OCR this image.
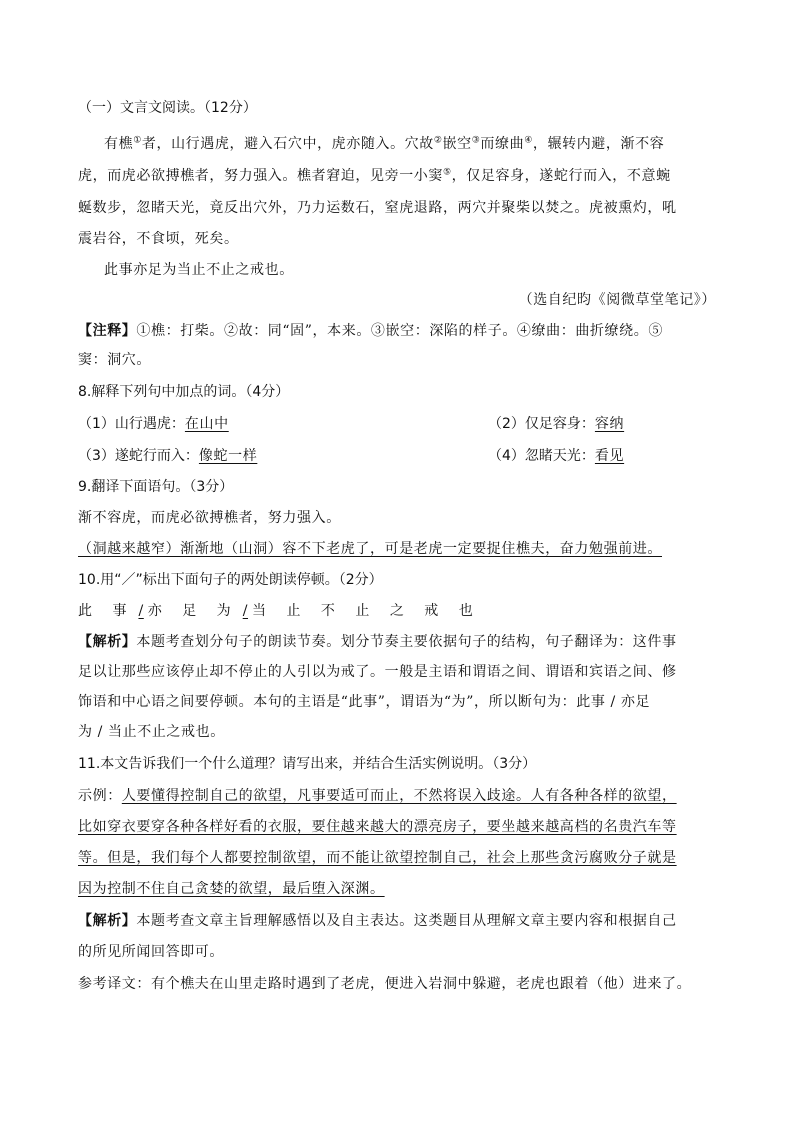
（一）文言文阅读。（12分）
有樵①者，山行遇虎，避入石穴中，虎亦随入。穴故②嵌空③而缭曲④，辗转内避，渐不容
虎，而虎必欲搏樵者，努力强入。樵者窘迫，见旁一小窦⑤，仅足容身，遂蛇行而入，不意蜿
蜒数步，忽睹天光，竟反出穴外，乃力运数石，窒虎退路，两穴并聚柴以焚之。虎被熏灼，吼
震岩谷，不食顷，死矣。
此事亦足为当止不止之戒也。
（选自纪昀《阅微草堂笔记》）
【注释】①樵：打柴。②故：同“固”，本来。③嵌空：深陷的样子。④缭曲：曲折缭绕。⑤
窦：洞穴。
8.解释下列句中加点的词。（4分）
（1）山行遇虎：在山中	（2）仅足容身：容纳
（3）遂蛇行而入：像蛇一样	（4）忽睹天光：看见
9.翻译下面语句。（3分）
渐不容虎，而虎必欲搏樵者，努力强入。
（洞越来越窄）渐渐地（山洞）容不下老虎了，可是老虎一定要捉住樵夫，奋力勉强前进。
10.用“／”标出下面句子的两处朗读停顿。（2分）
此 事 / 亦 足 为 / 当 止 不 止 之 戒 也
【解析】本题考查划分句子的朗读节奏。划分节奏主要依据句子的结构，句子翻译为：这件事
足以让那些应该停止却不停止的人引以为戒了。一般是主语和谓语之间、谓语和宾语之间、修
饰语和中心语之间要停顿。本句的主语是“此事”，谓语为“为”，所以断句为：此事 / 亦足
为 / 当止不止之戒也。
11.本文告诉我们一个什么道理？请写出来，并结合生活实例说明。（3分）
示例：人要懂得控制自己的欲望，凡事要适可而止，不然将误入歧途。人有各种各样的欲望，
比如穿衣要穿各种各样好看的衣服，要住越来越大的漂亮房子，要坐越来越高档的名贵汽车等
等。但是，我们每个人都要控制欲望，而不能让欲望控制自己，社会上那些贪污腐败分子就是
因为控制不住自己贪婪的欲望，最后堕入深渊。
【解析】本题考查文章主旨理解感悟以及自主表达。这类题目从理解文章主要内容和根据自己
的所见所闻回答即可。
参考译文：有个樵夫在山里走路时遇到了老虎，便进入岩洞中躲避，老虎也跟着（他）进来了。
